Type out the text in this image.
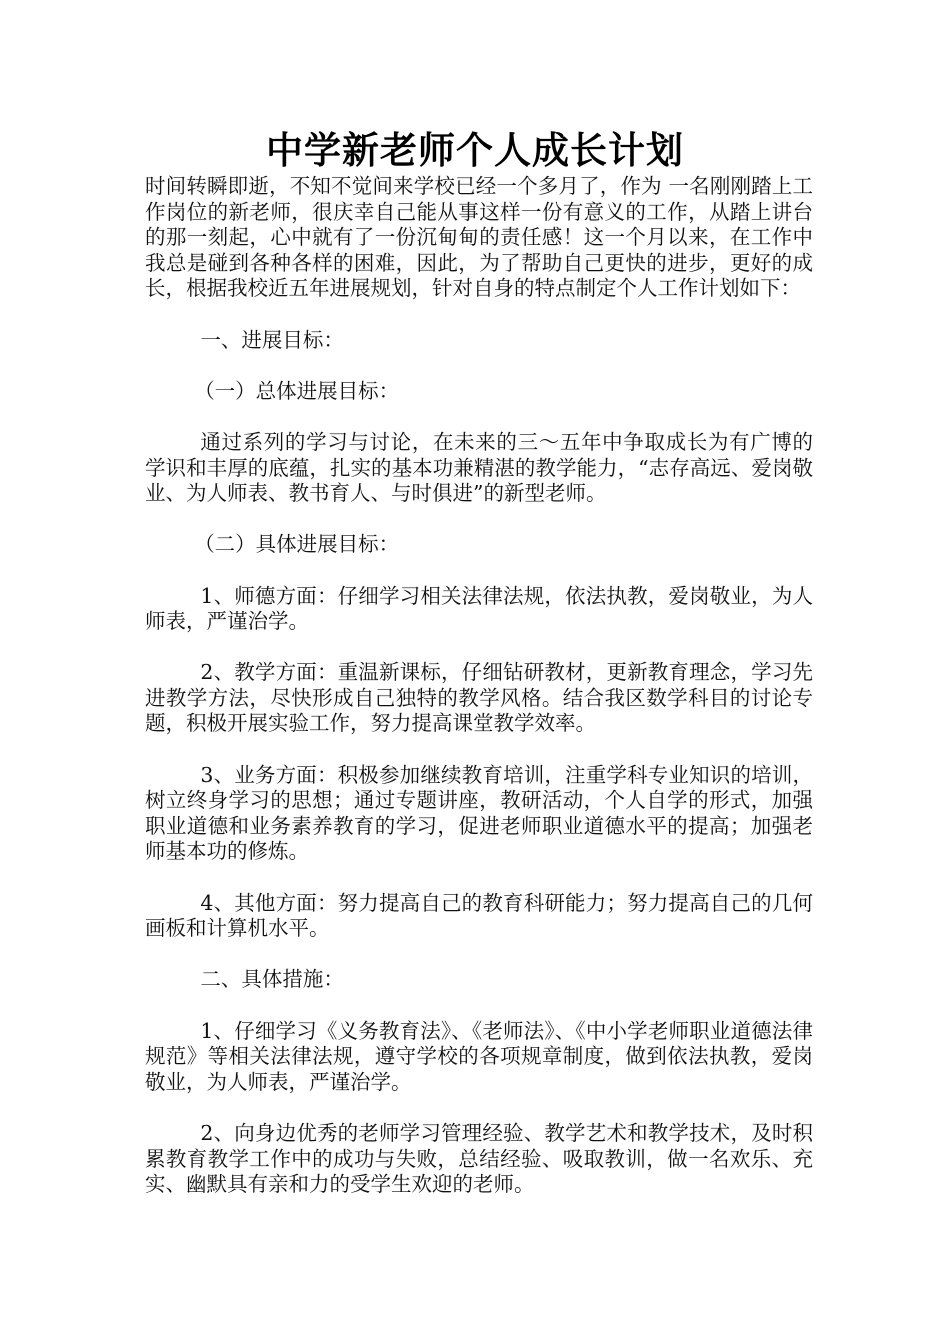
中学新老师个人成长计划

时间转瞬即逝，不知不觉间来学校已经一个多月了，作为 一名刚刚踏上工作岗位的新老师，很庆幸自己能从事这样一份有意义的工作，从踏上讲台的那一刻起，心中就有了一份沉甸甸的责任感！这一个月以来，在工作中我总是碰到各种各样的困难，因此，为了帮助自己更快的进步，更好的成长，根据我校近五年进展规划，针对自身的特点制定个人工作计划如下：

一、进展目标：

（一）总体进展目标：

通过系列的学习与讨论，在未来的三～五年中争取成长为有广博的学识和丰厚的底蕴，扎实的基本功兼精湛的教学能力，“志存高远、爱岗敬业、为人师表、教书育人、与时俱进”的新型老师。

（二）具体进展目标：

1、师德方面：仔细学习相关法律法规，依法执教，爱岗敬业，为人师表，严谨治学。

2、教学方面：重温新课标，仔细钻研教材，更新教育理念，学习先进教学方法，尽快形成自己独特的教学风格。结合我区数学科目的讨论专题，积极开展实验工作，努力提高课堂教学效率。

3、业务方面：积极参加继续教育培训，注重学科专业知识的培训，树立终身学习的思想；通过专题讲座，教研活动，个人自学的形式，加强职业道德和业务素养教育的学习，促进老师职业道德水平的提高；加强老师基本功的修炼。

4、其他方面：努力提高自己的教育科研能力；努力提高自己的几何画板和计算机水平。

二、具体措施：

1、仔细学习《义务教育法》、《老师法》、《中小学老师职业道德法律规范》等相关法律法规，遵守学校的各项规章制度，做到依法执教，爱岗敬业，为人师表，严谨治学。

2、向身边优秀的老师学习管理经验、教学艺术和教学技术，及时积累教育教学工作中的成功与失败，总结经验、吸取教训，做一名欢乐、充实、幽默具有亲和力的受学生欢迎的老师。
